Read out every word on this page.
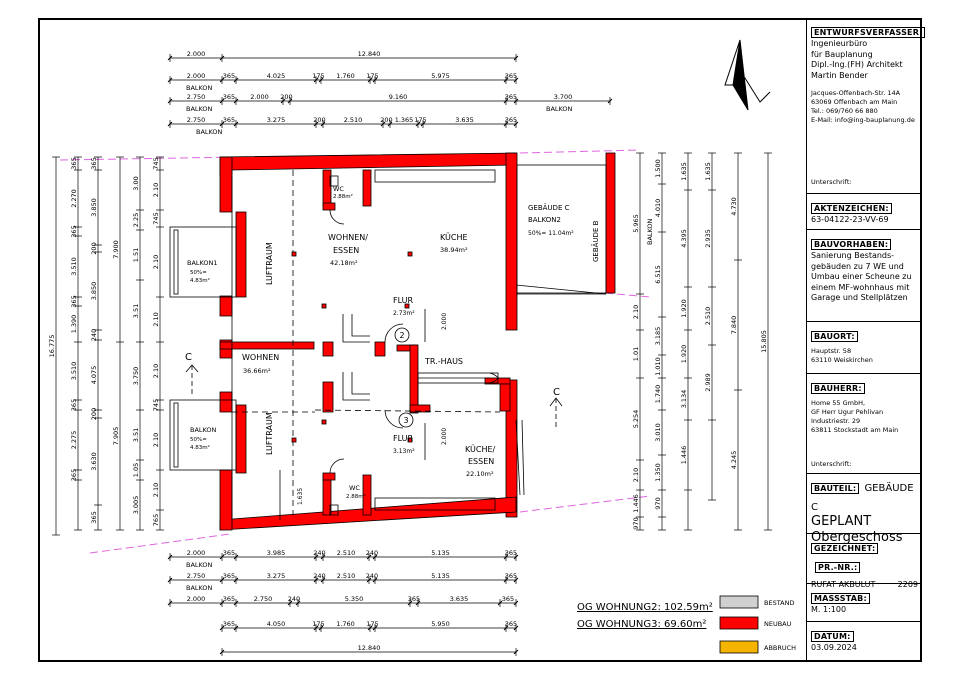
2
3
C
C
WC
2.88m²
WOHNEN/
ESSEN
42.18m²
KÜCHE
38.94m²
GEBÄUDE C
BALKON2
50%= 11.04m²	GEBÄUDE B
LUFTRAUM
LUFTRAUM
BALKON1
50%=
4.83m²
BALKON
50%=
4.83m²
FLUR
2.73m²
WOHNEN
36.66m²
TR.-HAUS
FLUR
3.13m²	KÜCHE/
ESSEN
22.10m²
WC
2.88m²
2.000
2.000
1.635
2.000	12.840
2.000	365	4.025	175 1.760 175	5.975	365
BALKON
2.750	365 2.000 200	9.160	365	3.700
BALKON	BALKON
2.750	365	3.275	200	2.510	200 1.365 175	3.635	365
BALKON
2.000	365	3.985	240 2.510 240	5.135	365
BALKON
2.750	365	3.275	240 2.510 240	5.135	365
BALKON
2.000	365	2.750 240	5.350	365	3.635	365
365	4.050	175 1.760 175	5.950	365
12.840
16.775
365
2.270
365
3.510
365
1.390
3.510
365
2.275
365
365
3.850
200
3.850
240
4.075
200
3.630
365
7.900
7.905
3.00
2.25
1.51
3.51
3.750
3.51
1.05
3.005
745
2.10
745
2.10
2.10
2.10
745
2.10
2.10
765
1.500
4.010
6.515
3.185
1.010
1.740
3.010
1.350
970
5.965
2.10
1.01
5.254
2.10
1.446
970
1.635
4.395
1.920
1.920
3.134
1.446
1.635
2.935
2.510
2.989
4.730
7.840
4.245
15.805
BALKON
OG WOHNUNG2: 102.59m²
OG WOHNUNG3: 69.60m²
BESTAND
NEUBAU
ABBRUCH
ENTWURFSVERFASSER:
Ingenieurbüro
für Bauplanung
Dipl.-Ing.(FH) Architekt
Martin Bender
Jacques-Offenbach-Str. 14A
63069 Offenbach am Main
Tel.: 069/760 66 880
E-Mail: info@ing-bauplanung.de
Unterschrift:
AKTENZEICHEN:
63-04122-23-VV-69
BAUVORHABEN:
Sanierung Bestands-
gebäuden zu 7 WE und
Umbau einer Scheune zu
einem MF-wohnhaus mit
Garage und Stellplätzen
BAUORT:
Hauptstr. 58
63110 Weiskirchen
BAUHERR:
Home 55 GmbH,
GF Herr Ugur Pehlivan
Industriestr. 29
63811 Stockstadt am Main
Unterschrift:
BAUTEIL: GEBÄUDE C
GEPLANT
Obergeschoss
GEZEICHNET: PR.-NR.:
RUFAT AKBULUT	2209
MASSSTAB:
M. 1:100
DATUM:
03.09.2024
